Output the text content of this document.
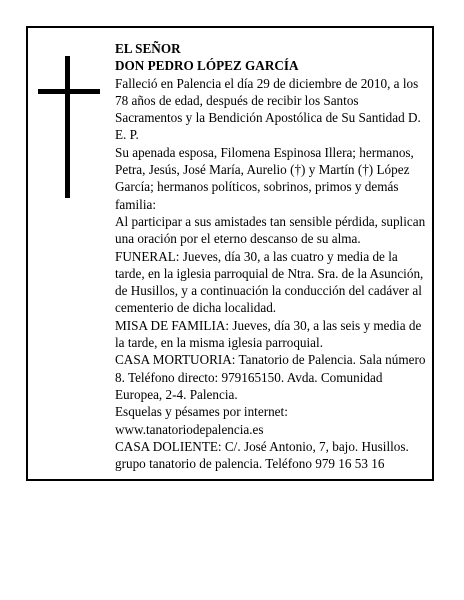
EL SEÑOR

DON PEDRO LÓPEZ GARCÍA

Falleció en Palencia el día 29 de diciembre de 2010, a los 78 años de edad, después de recibir los Santos Sacramentos y la Bendición Apostólica de Su Santidad D. E. P.

Su apenada esposa, Filomena Espinosa Illera; hermanos, Petra, Jesús, José María, Aurelio (†) y Martín (†) López García; hermanos políticos, sobrinos, primos y demás familia:

Al participar a sus amistades tan sensible pérdida, suplican una oración por el eterno descanso de su alma.

FUNERAL: Jueves, día 30, a las cuatro y media de la tarde, en la iglesia parroquial de Ntra. Sra. de la Asunción, de Husillos, y a continuación la conducción del cadáver al cementerio de dicha localidad.

MISA DE FAMILIA: Jueves, día 30, a las seis y media de la tarde, en la misma iglesia parroquial.

CASA MORTUORIA: Tanatorio de Palencia. Sala número 8. Teléfono directo: 979165150. Avda. Comunidad Europea, 2-4. Palencia.

Esquelas y pésames por internet: www.tanatoriodepalencia.es

CASA DOLIENTE: C/. José Antonio, 7, bajo. Husillos.

grupo tanatorio de palencia. Teléfono 979 16 53 16
